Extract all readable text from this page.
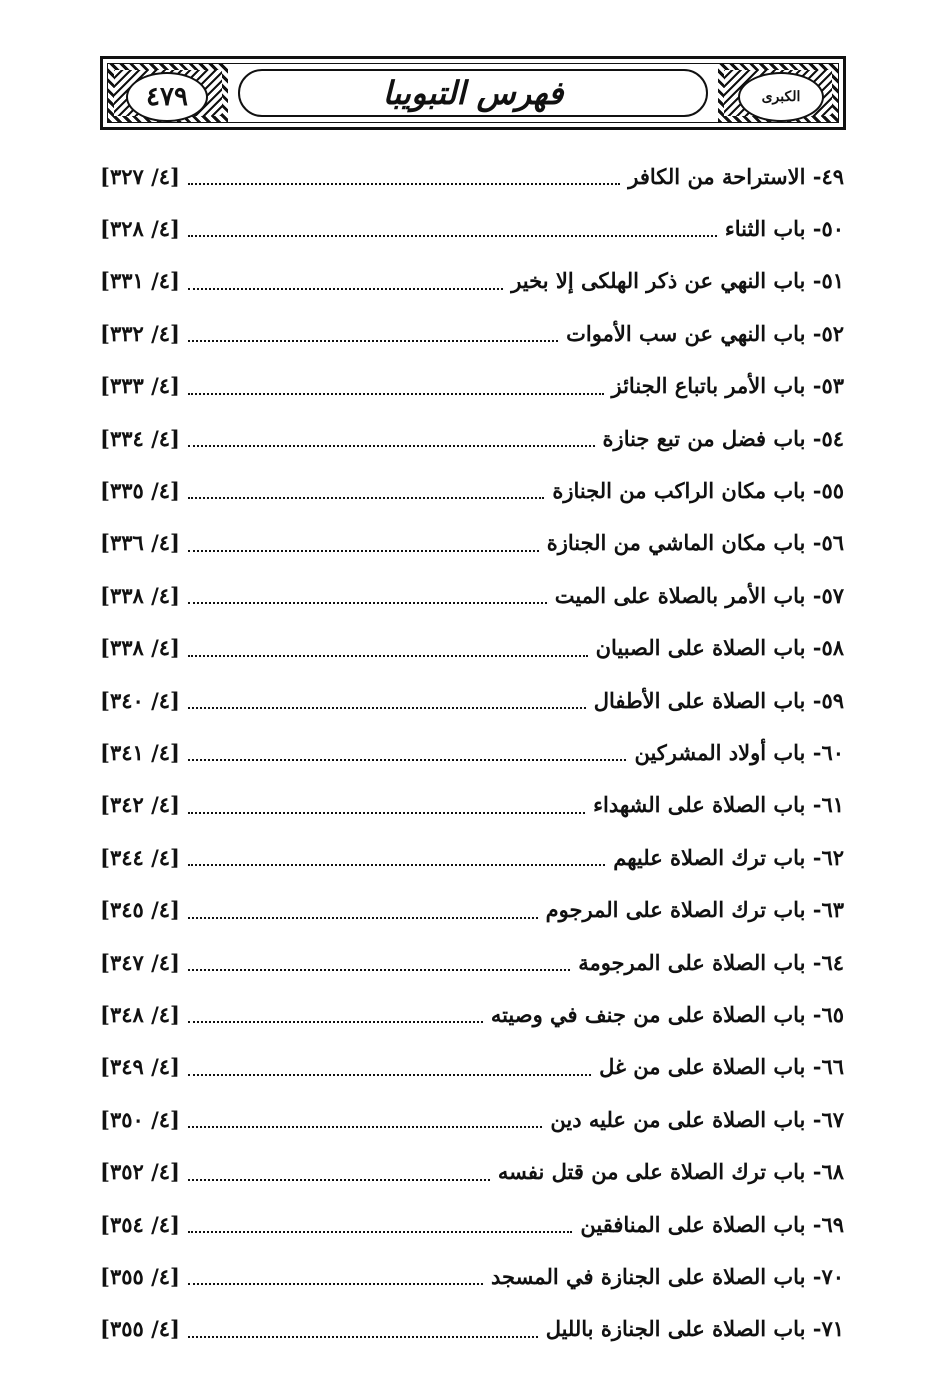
٤٧٩	الكبرى
فهرس التبويبا
[٤/ ٣٢٧]	٤٩- الاستراحة من الكافر
[٤/ ٣٢٨]	٥٠- باب الثناء
[٤/ ٣٣١]	٥١- باب النهي عن ذكر الهلكى إلا بخير
[٤/ ٣٣٢]	٥٢- باب النهي عن سب الأموات
[٤/ ٣٣٣]	٥٣- باب الأمر باتباع الجنائز
[٤/ ٣٣٤]	٥٤- باب فضل من تبع جنازة
[٤/ ٣٣٥]	٥٥- باب مكان الراكب من الجنازة
[٤/ ٣٣٦]	٥٦- باب مكان الماشي من الجنازة
[٤/ ٣٣٨]	٥٧- باب الأمر بالصلاة على الميت
[٤/ ٣٣٨]	٥٨- باب الصلاة على الصبيان
[٤/ ٣٤٠]	٥٩- باب الصلاة على الأطفال
[٤/ ٣٤١]	٦٠- باب أولاد المشركين
[٤/ ٣٤٢]	٦١- باب الصلاة على الشهداء
[٤/ ٣٤٤]	٦٢- باب ترك الصلاة عليهم
[٤/ ٣٤٥]	٦٣- باب ترك الصلاة على المرجوم
[٤/ ٣٤٧]	٦٤- باب الصلاة على المرجومة
[٤/ ٣٤٨]	٦٥- باب الصلاة على من جنف في وصيته
[٤/ ٣٤٩]	٦٦- باب الصلاة على من غل
[٤/ ٣٥٠]	٦٧- باب الصلاة على من عليه دين
[٤/ ٣٥٢]	٦٨- باب ترك الصلاة على من قتل نفسه
[٤/ ٣٥٤]	٦٩- باب الصلاة على المنافقين
[٤/ ٣٥٥]	٧٠- باب الصلاة على الجنازة في المسجد
[٤/ ٣٥٥]	٧١- باب الصلاة على الجنازة بالليل
